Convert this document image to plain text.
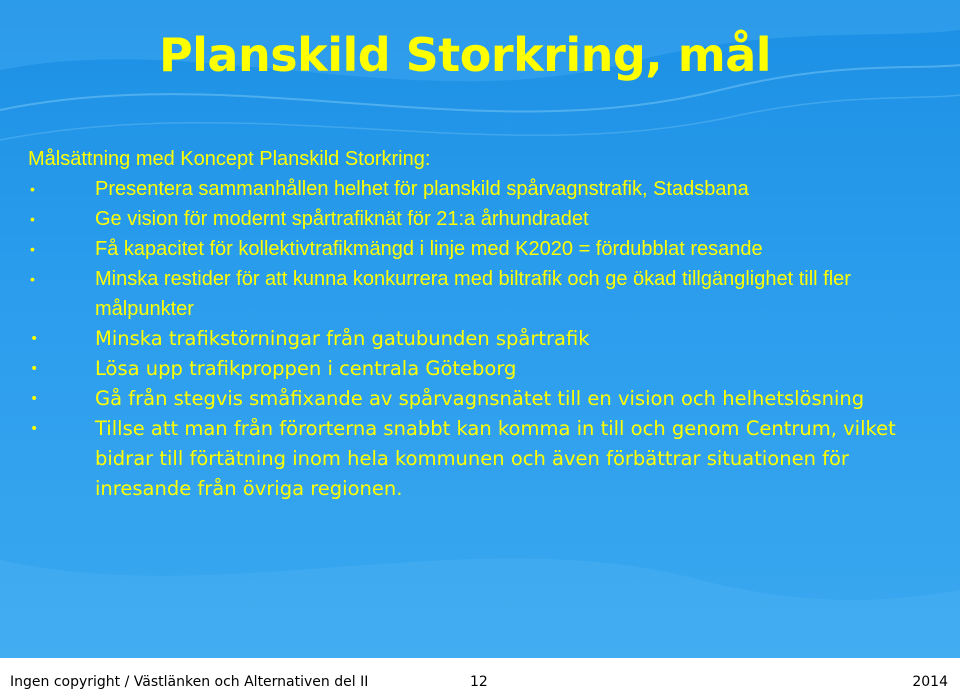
Planskild Storkring, mål

Målsättning med Koncept Planskild Storkring:

•	Presentera sammanhållen helhet för planskild spårvagnstrafik, Stadsbana
•	Ge vision för modernt spårtrafiknät för 21:a århundradet
•	Få kapacitet för kollektivtrafikmängd i linje med K2020 = fördubblat resande
•	Minska restider för att kunna konkurrera med biltrafik och ge ökad tillgänglighet till fler målpunkter
•	Minska trafikstörningar från gatubunden spårtrafik
•	Lösa upp trafikproppen i centrala Göteborg
•	Gå från stegvis småfixande av spårvagnsnätet till en vision och helhetslösning
•	Tillse att man från förorterna snabbt kan komma in till och genom Centrum, vilket bidrar till förtätning inom hela kommunen och även förbättrar situationen för inresande från övriga regionen.
Ingen copyright / Västlänken och Alternativen del II	12	2014
